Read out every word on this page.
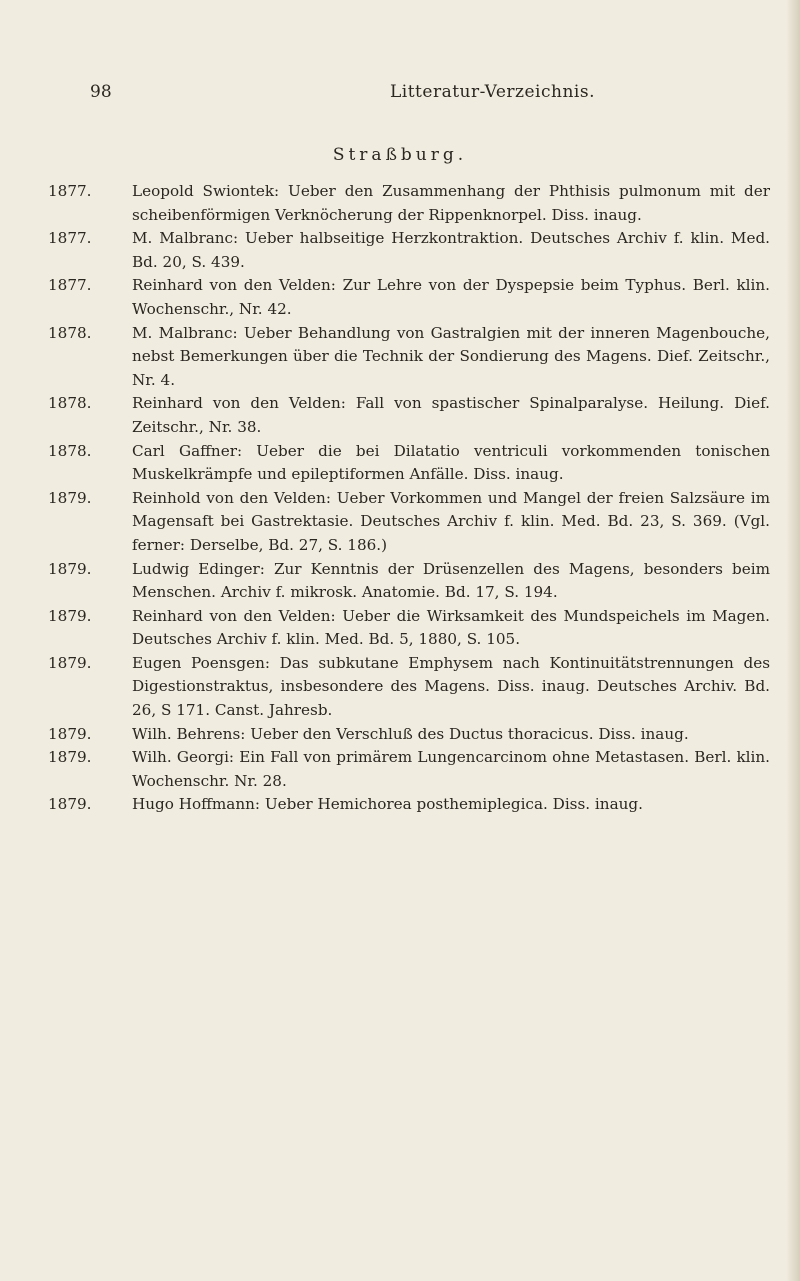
98	Litteratur-Verzeichnis.
Straßburg.

1877.	Leopold Swiontek: Ueber den Zusammenhang der Phthisis pulmonum mit der scheibenförmigen Verknöcherung der Rippenknorpel. Diss. inaug.

1877.	M. Malbranc: Ueber halbseitige Herzkontraktion. Deutsches Archiv f. klin. Med. Bd. 20, S. 439.

1877.	Reinhard von den Velden: Zur Lehre von der Dyspepsie beim Typhus. Berl. klin. Wochenschr., Nr. 42.

1878.	M. Malbranc: Ueber Behandlung von Gastralgien mit der inneren Magenbouche, nebst Bemerkungen über die Technik der Sondierung des Magens. Dief. Zeitschr., Nr. 4.

1878.	Reinhard von den Velden: Fall von spastischer Spinalparalyse. Heilung. Dief. Zeitschr., Nr. 38.

1878.	Carl Gaffner: Ueber die bei Dilatatio ventriculi vorkommenden tonischen Muskelkrämpfe und epileptiformen Anfälle. Diss. inaug.

1879.	Reinhold von den Velden: Ueber Vorkommen und Mangel der freien Salzsäure im Magensaft bei Gastrektasie. Deutsches Archiv f. klin. Med. Bd. 23, S. 369. (Vgl. ferner: Derselbe, Bd. 27, S. 186.)

1879.	Ludwig Edinger: Zur Kenntnis der Drüsenzellen des Magens, besonders beim Menschen. Archiv f. mikrosk. Anatomie. Bd. 17, S. 194.

1879.	Reinhard von den Velden: Ueber die Wirksamkeit des Mundspeichels im Magen. Deutsches Archiv f. klin. Med. Bd. 5, 1880, S. 105.

1879.	Eugen Poensgen: Das subkutane Emphysem nach Kontinuitätstrennungen des Digestionstraktus, insbesondere des Magens. Diss. inaug. Deutsches Archiv. Bd. 26, S 171. Canst. Jahresb.

1879.	Wilh. Behrens: Ueber den Verschluß des Ductus thoracicus. Diss. inaug.

1879.	Wilh. Georgi: Ein Fall von primärem Lungencarcinom ohne Metastasen. Berl. klin. Wochenschr. Nr. 28.

1879.	Hugo Hoffmann: Ueber Hemichorea posthemiplegica. Diss. inaug.
